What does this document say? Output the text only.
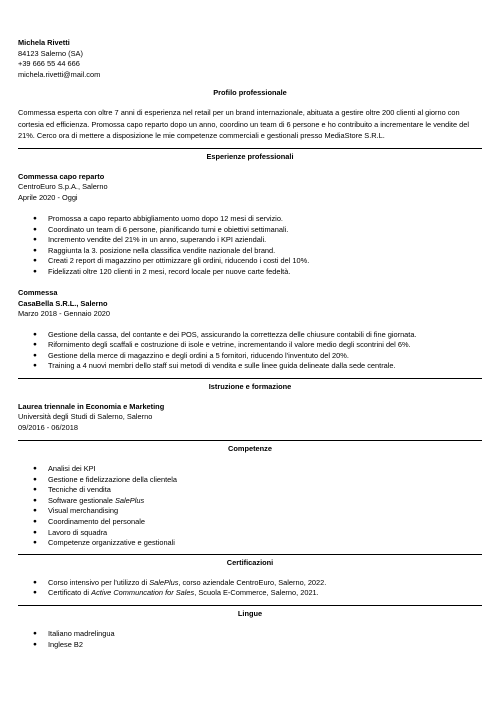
Michela Rivetti
84123 Salerno (SA)
+39 666 55 44 666
michela.rivetti@mail.com
Profilo professionale
Commessa esperta con oltre 7 anni di esperienza nel retail per un brand internazionale, abituata a gestire oltre 200 clienti al giorno con
cortesia ed efficienza. Promossa capo reparto dopo un anno, coordino un team di 6 persone e ho contribuito a incrementare le vendite del
21%. Cerco ora di mettere a disposizione le mie competenze commerciali e gestionali presso MediaStore S.R.L.
Esperienze professionali
Commessa capo reparto
CentroEuro S.p.A., Salerno
Aprile 2020 - Oggi
● Promossa a capo reparto abbigliamento uomo dopo 12 mesi di servizio.
● Coordinato un team di 6 persone, pianificando turni e obiettivi settimanali.
● Incremento vendite del 21% in un anno, superando i KPI aziendali.
● Raggiunta la 3. posizione nella classifica vendite nazionale del brand.
● Creati 2 report di magazzino per ottimizzare gli ordini, riducendo i costi del 10%.
● Fidelizzati oltre 120 clienti in 2 mesi, record locale per nuove carte fedeltà.
Commessa
CasaBella S.R.L., Salerno
Marzo 2018 - Gennaio 2020
● Gestione della cassa, del contante e dei POS, assicurando la correttezza delle chiusure contabili di fine giornata.
● Rifornimento degli scaffali e costruzione di isole e vetrine, incrementando il valore medio degli scontrini del 6%.
● Gestione della merce di magazzino e degli ordini a 5 fornitori, riducendo l'inventuto del 20%.
● Training a 4 nuovi membri dello staff sui metodi di vendita e sulle linee guida delineate dalla sede centrale.
Istruzione e formazione
Laurea triennale in Economia e Marketing
Università degli Studi di Salerno, Salerno
09/2016 - 06/2018
Competenze
● Analisi dei KPI
● Gestione e fidelizzazione della clientela
● Tecniche di vendita
● Software gestionale SalePlus
● Visual merchandising
● Coordinamento del personale
● Lavoro di squadra
● Competenze organizzative e gestionali
Certificazioni
● Corso intensivo per l'utilizzo di SalePlus, corso aziendale CentroEuro, Salerno, 2022.
● Certificato di Active Communcation for Sales, Scuola E-Commerce, Salerno, 2021.
Lingue
● Italiano madrelingua
● Inglese B2
